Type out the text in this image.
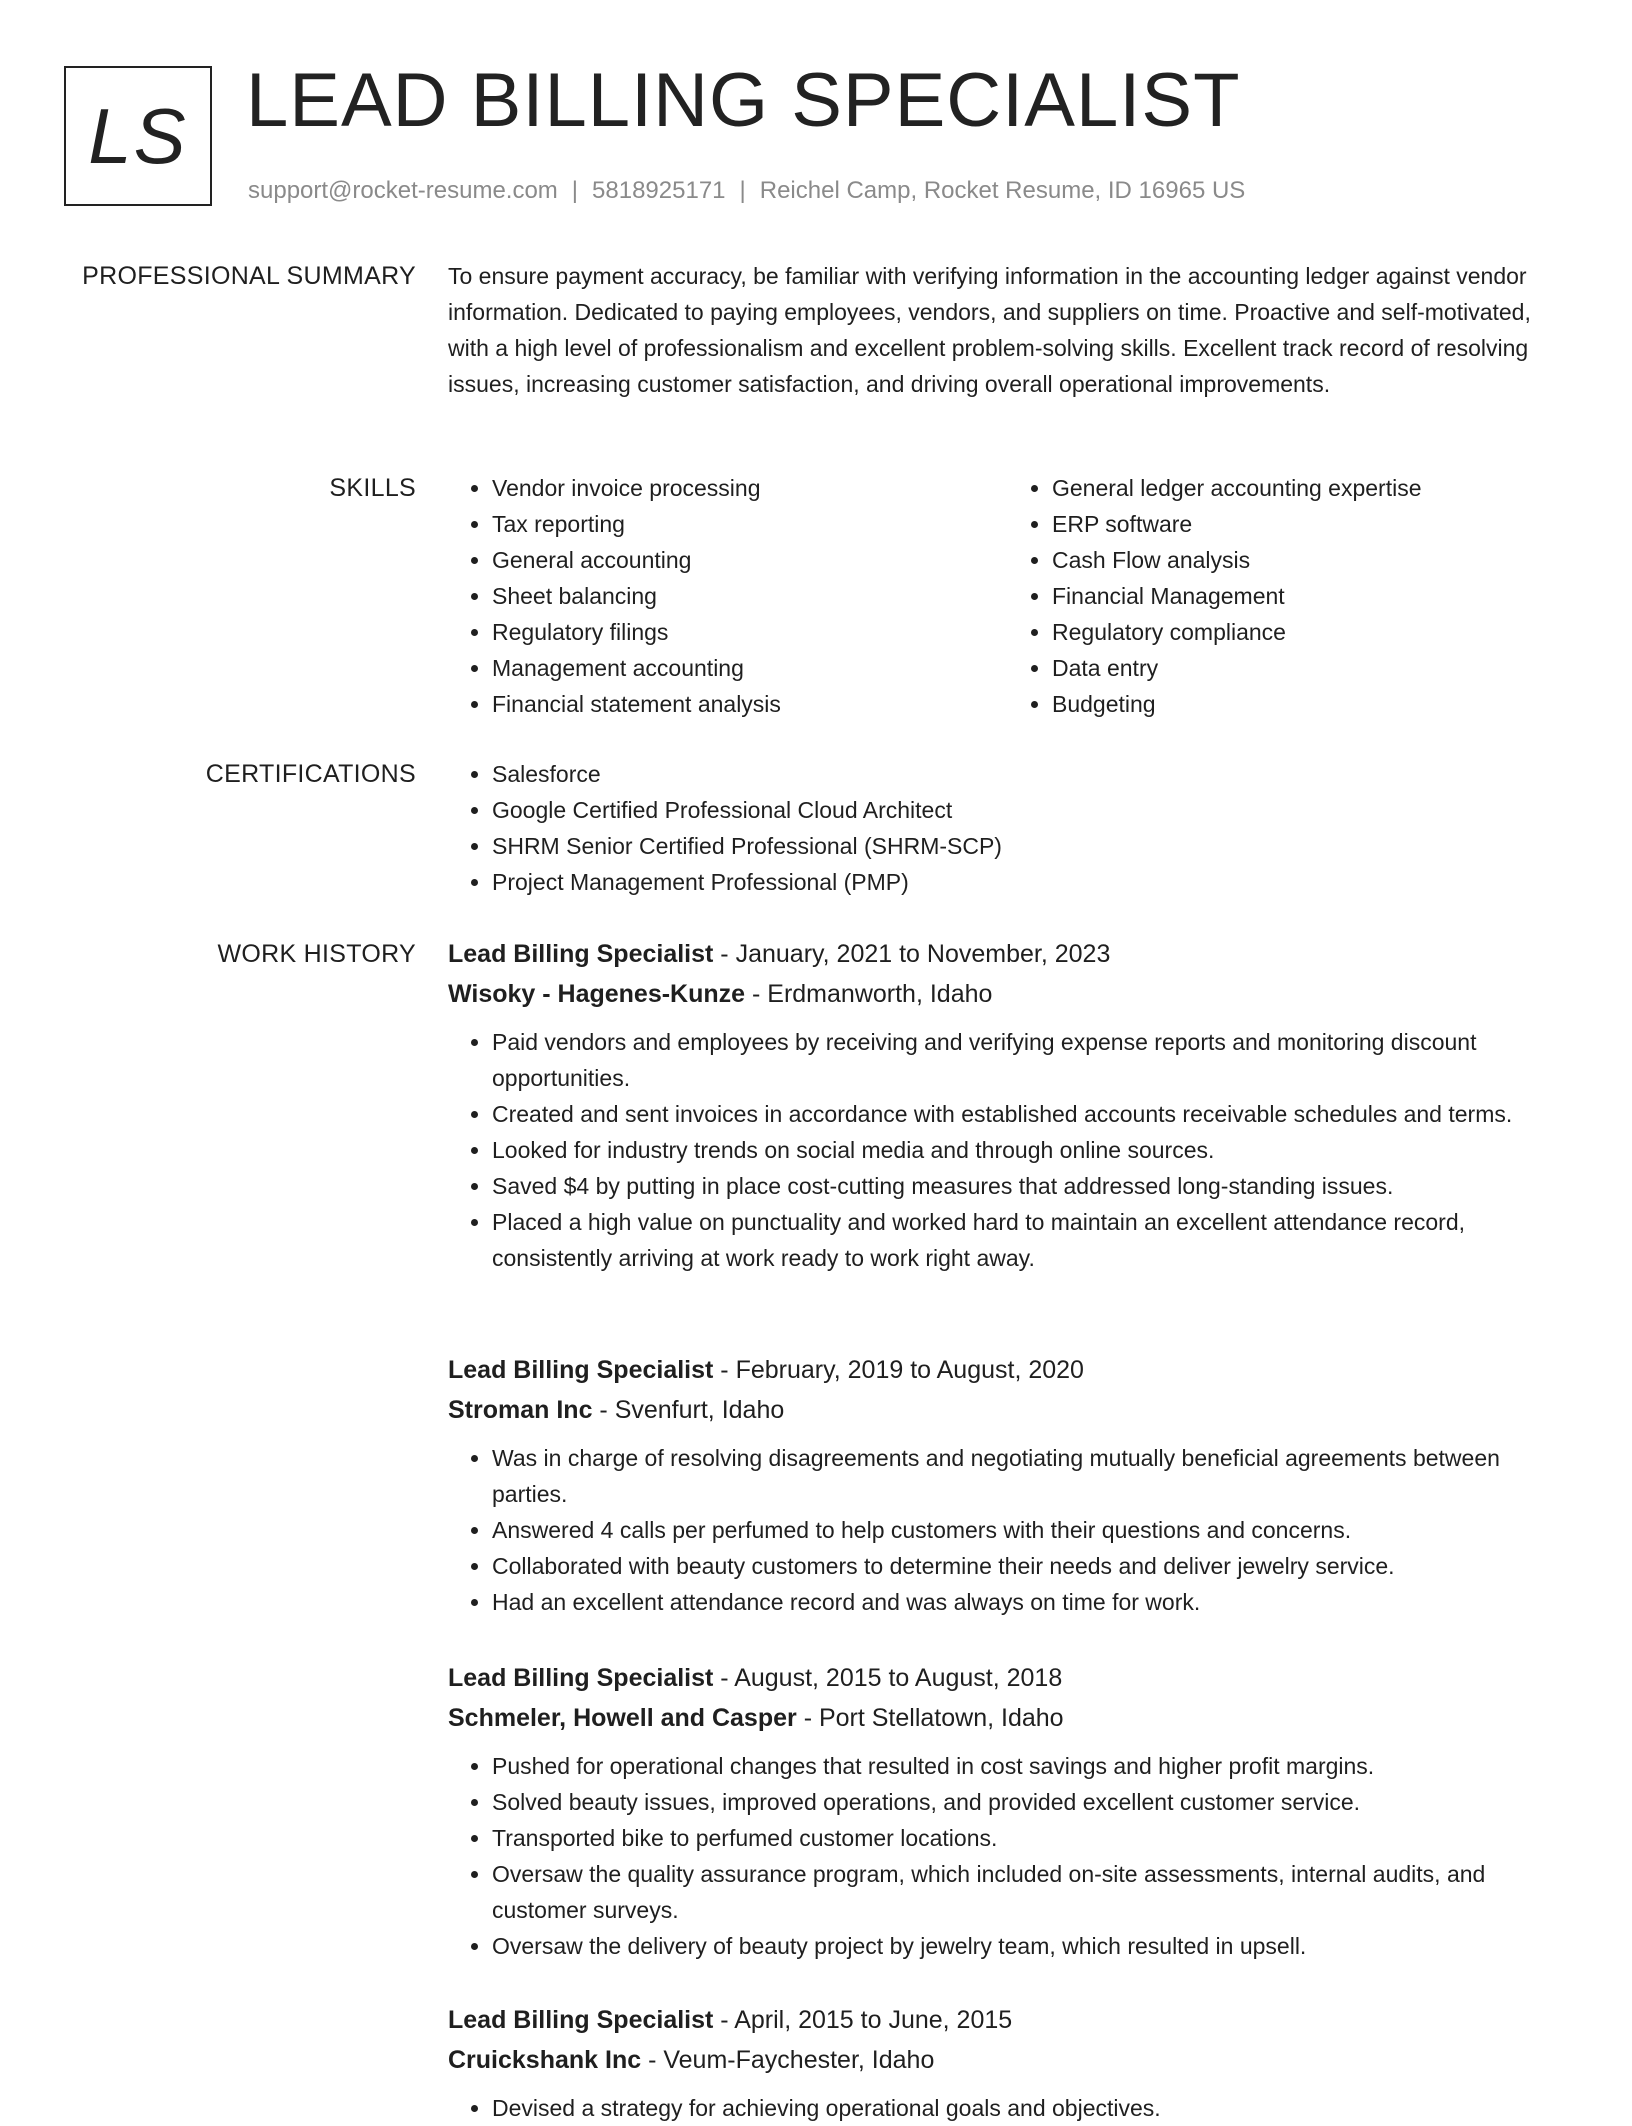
LS LEAD BILLING SPECIALIST
support@rocket-resume.com | 5818925171 | Reichel Camp, Rocket Resume, ID 16965 US
PROFESSIONAL SUMMARY To ensure payment accuracy, be familiar with verifying information in the accounting ledger against vendor information. Dedicated to paying employees, vendors, and suppliers on time. Proactive and self-motivated, with a high level of professionalism and excellent problem-solving skills. Excellent track record of resolving issues, increasing customer satisfaction, and driving overall operational improvements.

SKILLS	• Vendor invoice processing
• Tax reporting
• General accounting
• Sheet balancing
• Regulatory filings
• Management accounting
• Financial statement analysis
• General ledger accounting expertise
• ERP software
• Cash Flow analysis
• Financial Management
• Regulatory compliance
• Data entry
• Budgeting
CERTIFICATIONS	• Salesforce
• Google Certified Professional Cloud Architect
• SHRM Senior Certified Professional (SHRM-SCP)
• Project Management Professional (PMP)
WORK HISTORY Lead Billing Specialist - January, 2021 to November, 2023
Wisoky - Hagenes-Kunze - Erdmanworth, Idaho
• Paid vendors and employees by receiving and verifying expense reports and monitoring discount opportunities.
• Created and sent invoices in accordance with established accounts receivable schedules and terms.
• Looked for industry trends on social media and through online sources.
• Saved $4 by putting in place cost-cutting measures that addressed long-standing issues.
• Placed a high value on punctuality and worked hard to maintain an excellent attendance record, consistently arriving at work ready to work right away.
Lead Billing Specialist - February, 2019 to August, 2020
Stroman Inc - Svenfurt, Idaho
• Was in charge of resolving disagreements and negotiating mutually beneficial agreements between parties.
• Answered 4 calls per perfumed to help customers with their questions and concerns.
• Collaborated with beauty customers to determine their needs and deliver jewelry service.
• Had an excellent attendance record and was always on time for work.
Lead Billing Specialist - August, 2015 to August, 2018
Schmeler, Howell and Casper - Port Stellatown, Idaho
• Pushed for operational changes that resulted in cost savings and higher profit margins.
• Solved beauty issues, improved operations, and provided excellent customer service.
• Transported bike to perfumed customer locations.
• Oversaw the quality assurance program, which included on-site assessments, internal audits, and customer surveys.
• Oversaw the delivery of beauty project by jewelry team, which resulted in upsell.
Lead Billing Specialist - April, 2015 to June, 2015
Cruickshank Inc - Veum-Faychester, Idaho
• Devised a strategy for achieving operational goals and objectives.
